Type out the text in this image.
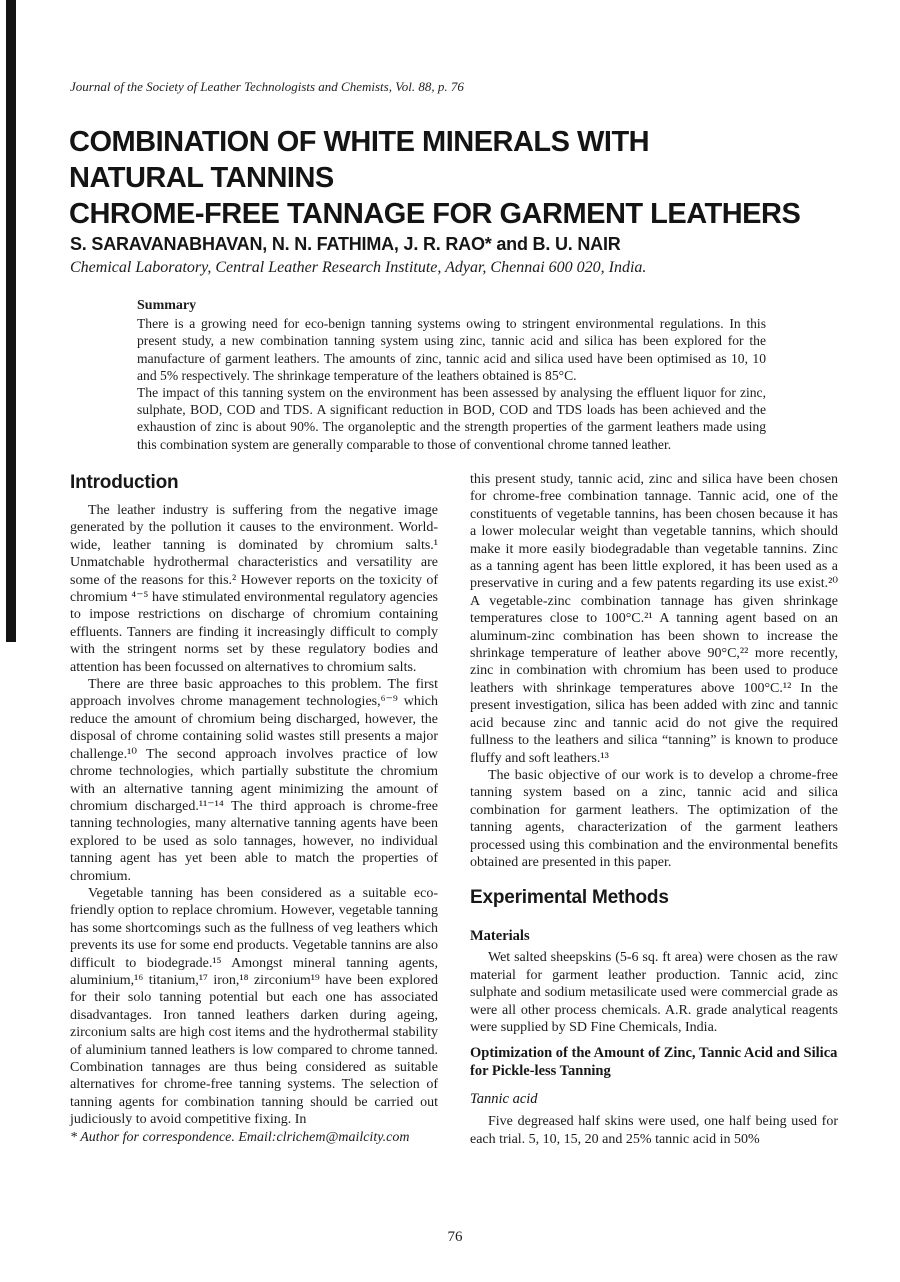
Journal of the Society of Leather Technologists and Chemists, Vol. 88, p. 76
COMBINATION OF WHITE MINERALS WITH
NATURAL TANNINS
CHROME-FREE TANNAGE FOR GARMENT LEATHERS
S. SARAVANABHAVAN, N. N. FATHIMA, J. R. RAO* and B. U. NAIR
Chemical Laboratory, Central Leather Research Institute, Adyar, Chennai 600 020, India.

Summary

There is a growing need for eco-benign tanning systems owing to stringent environmental regulations. In this present study, a new combination tanning system using zinc, tannic acid and silica has been explored for the manufacture of garment leathers. The amounts of zinc, tannic acid and silica used have been optimised as 10, 10 and 5% respectively. The shrinkage temperature of the leathers obtained is 85°C.

The impact of this tanning system on the environment has been assessed by analysing the effluent liquor for zinc, sulphate, BOD, COD and TDS. A significant reduction in BOD, COD and TDS loads has been achieved and the exhaustion of zinc is about 90%. The organoleptic and the strength properties of the garment leathers made using this combination system are generally comparable to those of conventional chrome tanned leather.

Introduction

The leather industry is suffering from the negative image generated by the pollution it causes to the environment. World-wide, leather tanning is dominated by chromium salts.¹ Unmatchable hydrothermal characteristics and versatility are some of the reasons for this.² However reports on the toxicity of chromium ⁴⁻⁵ have stimulated environmental regulatory agencies to impose restrictions on discharge of chromium containing effluents. Tanners are finding it increasingly difficult to comply with the stringent norms set by these regulatory bodies and attention has been focussed on alternatives to chromium salts.

There are three basic approaches to this problem. The first approach involves chrome management technologies,⁶⁻⁹ which reduce the amount of chromium being discharged, however, the disposal of chrome containing solid wastes still presents a major challenge.¹⁰ The second approach involves practice of low chrome technologies, which partially substitute the chromium with an alternative tanning agent minimizing the amount of chromium discharged.¹¹⁻¹⁴ The third approach is chrome-free tanning technologies, many alternative tanning agents have been explored to be used as solo tannages, however, no individual tanning agent has yet been able to match the properties of chromium.

Vegetable tanning has been considered as a suitable eco-friendly option to replace chromium. However, vegetable tanning has some shortcomings such as the fullness of veg leathers which prevents its use for some end products. Vegetable tannins are also difficult to biodegrade.¹⁵ Amongst mineral tanning agents, aluminium,¹⁶ titanium,¹⁷ iron,¹⁸ zirconium¹⁹ have been explored for their solo tanning potential but each one has associated disadvantages. Iron tanned leathers darken during ageing, zirconium salts are high cost items and the hydrothermal stability of aluminium tanned leathers is low compared to chrome tanned. Combination tannages are thus being considered as suitable alternatives for chrome-free tanning systems. The selection of tanning agents for combination tanning should be carried out judiciously to avoid competitive fixing. In

* Author for correspondence. Email:clrichem@mailcity.com

this present study, tannic acid, zinc and silica have been chosen for chrome-free combination tannage. Tannic acid, one of the constituents of vegetable tannins, has been chosen because it has a lower molecular weight than vegetable tannins, which should make it more easily biodegradable than vegetable tannins. Zinc as a tanning agent has been little explored, it has been used as a preservative in curing and a few patents regarding its use exist.²⁰ A vegetable-zinc combination tannage has given shrinkage temperatures close to 100°C.²¹ A tanning agent based on an aluminum-zinc combination has been shown to increase the shrinkage temperature of leather above 90°C,²² more recently, zinc in combination with chromium has been used to produce leathers with shrinkage temperatures above 100°C.¹² In the present investigation, silica has been added with zinc and tannic acid because zinc and tannic acid do not give the required fullness to the leathers and silica “tanning” is known to produce fluffy and soft leathers.¹³

The basic objective of our work is to develop a chrome-free tanning system based on a zinc, tannic acid and silica combination for garment leathers. The optimization of the tanning agents, characterization of the garment leathers processed using this combination and the environmental benefits obtained are presented in this paper.

Experimental Methods
Materials

Wet salted sheepskins (5-6 sq. ft area) were chosen as the raw material for garment leather production. Tannic acid, zinc sulphate and sodium metasilicate used were commercial grade as were all other process chemicals. A.R. grade analytical reagents were supplied by SD Fine Chemicals, India.

Optimization of the Amount of Zinc, Tannic Acid and Silica for Pickle-less Tanning
Tannic acid

Five degreased half skins were used, one half being used for each trial. 5, 10, 15, 20 and 25% tannic acid in 50%

76
